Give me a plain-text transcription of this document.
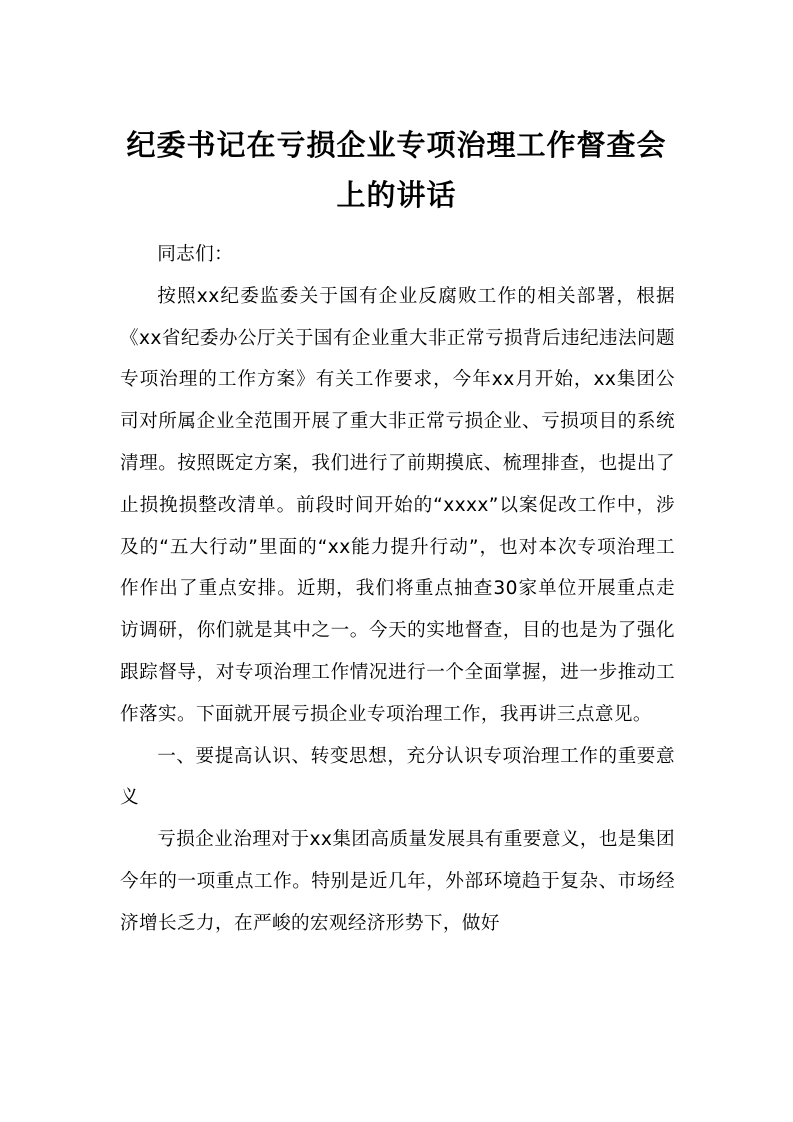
纪委书记在亏损企业专项治理工作督查会
上的讲话

同志们：

按照xx纪委监委关于国有企业反腐败工作的相关部署，根据《xx省纪委办公厅关于国有企业重大非正常亏损背后违纪违法问题专项治理的工作方案》有关工作要求，今年xx月开始，xx集团公司对所属企业全范围开展了重大非正常亏损企业、亏损项目的系统清理。按照既定方案，我们进行了前期摸底、梳理排查，也提出了止损挽损整改清单。前段时间开始的“xxxx”以案促改工作中，涉及的“五大行动”里面的“xx能力提升行动”，也对本次专项治理工作作出了重点安排。近期，我们将重点抽查30家单位开展重点走访调研，你们就是其中之一。今天的实地督查，目的也是为了强化跟踪督导，对专项治理工作情况进行一个全面掌握，进一步推动工作落实。下面就开展亏损企业专项治理工作，我再讲三点意见。

一、要提高认识、转变思想，充分认识专项治理工作的重要意义

亏损企业治理对于xx集团高质量发展具有重要意义，也是集团今年的一项重点工作。特别是近几年，外部环境趋于复杂、市场经济增长乏力，在严峻的宏观经济形势下，做好
